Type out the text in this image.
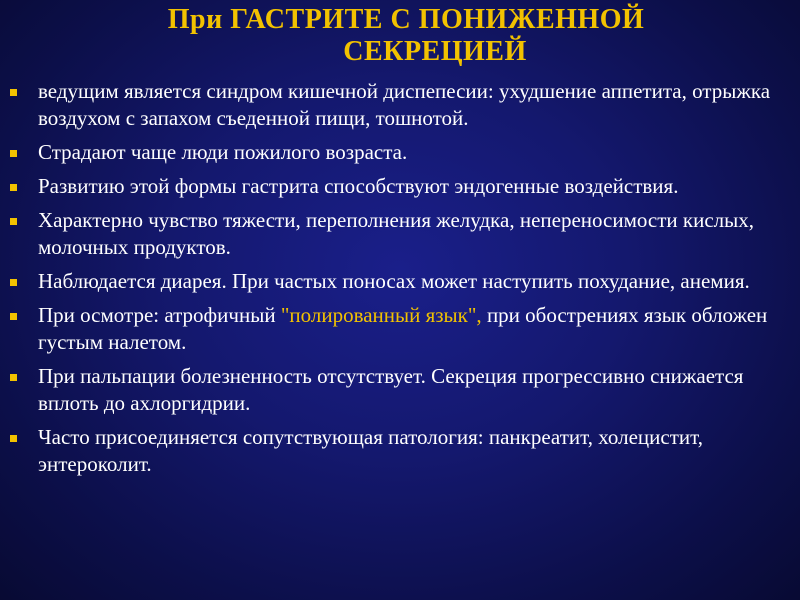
При ГАСТРИТЕ С ПОНИЖЕННОЙ
СЕКРЕЦИЕЙ
ведущим является синдром кишечной диспепесии: ухудшение аппетита, отрыжка воздухом с запахом съеденной пищи, тошнотой.
Страдают чаще люди пожилого возраста.
Развитию этой формы гастрита способствуют эндогенные воздействия.
Характерно чувство тяжести, переполнения желудка, непереносимости кислых, молочных продуктов.
Наблюдается диарея. При частых поносах может наступить похудание, анемия.
При осмотре: атрофичный "полированный язык", при обострениях язык обложен густым налетом.
При пальпации болезненность отсутствует. Секреция прогрессивно снижается вплоть до ахлоргидрии.
Часто присоединяется сопутствующая патология: панкреатит, холецистит, энтероколит.
